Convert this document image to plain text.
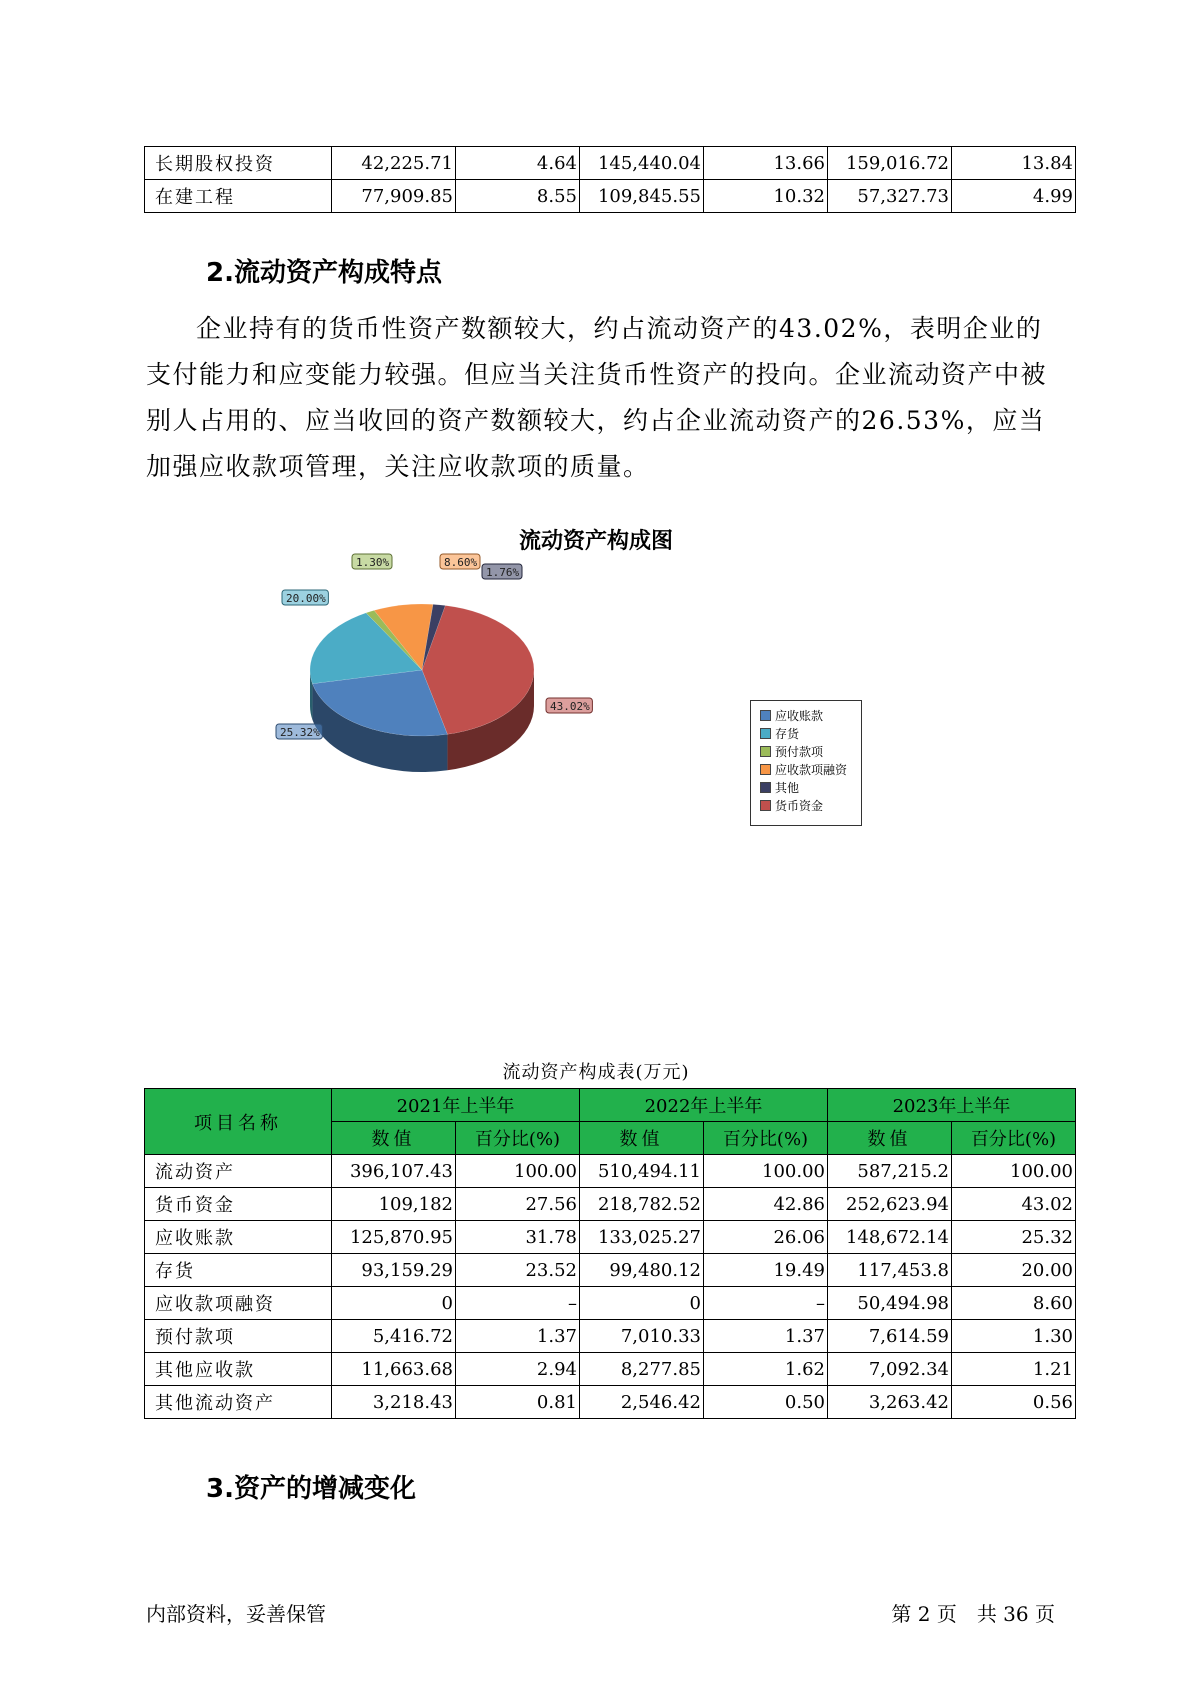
长期股权投资	42,225.71	4.64	145,440.04	13.66	159,016.72	13.84
在建工程	77,909.85	8.55	109,845.55	10.32	57,327.73	4.99
2.流动资产构成特点

企业持有的货币性资产数额较大，约占流动资产的43.02%，表明企业的支付能力和应变能力较强。但应当关注货币性资产的投向。企业流动资产中被别人占用的、应当收回的资产数额较大，约占企业流动资产的26.53%，应当加强应收款项管理，关注应收款项的质量。

流动资产构成图
43.02%
25.32%
20.00%
1.30%	8.60%
1.76%
应收账款
存货
预付款项
应收款项融资
其他
货币资金
流动资产构成表(万元)
项目名称	2021年上半年		2022年上半年		2023年上半年	
	数值	百分比(%)	数值	百分比(%)	数值	百分比(%)
流动资产	396,107.43	100.00	510,494.11	100.00	587,215.2	100.00
货币资金	109,182	27.56	218,782.52	42.86	252,623.94	43.02
应收账款	125,870.95	31.78	133,025.27	26.06	148,672.14	25.32
存货	93,159.29	23.52	99,480.12	19.49	117,453.8	20.00
应收款项融资	0	–	0	–	50,494.98	8.60
预付款项	5,416.72	1.37	7,010.33	1.37	7,614.59	1.30
其他应收款	11,663.68	2.94	8,277.85	1.62	7,092.34	1.21
其他流动资产	3,218.43	0.81	2,546.42	0.50	3,263.42	0.56
3.资产的增减变化
内部资料，妥善保管	第 2 页　共 36 页
